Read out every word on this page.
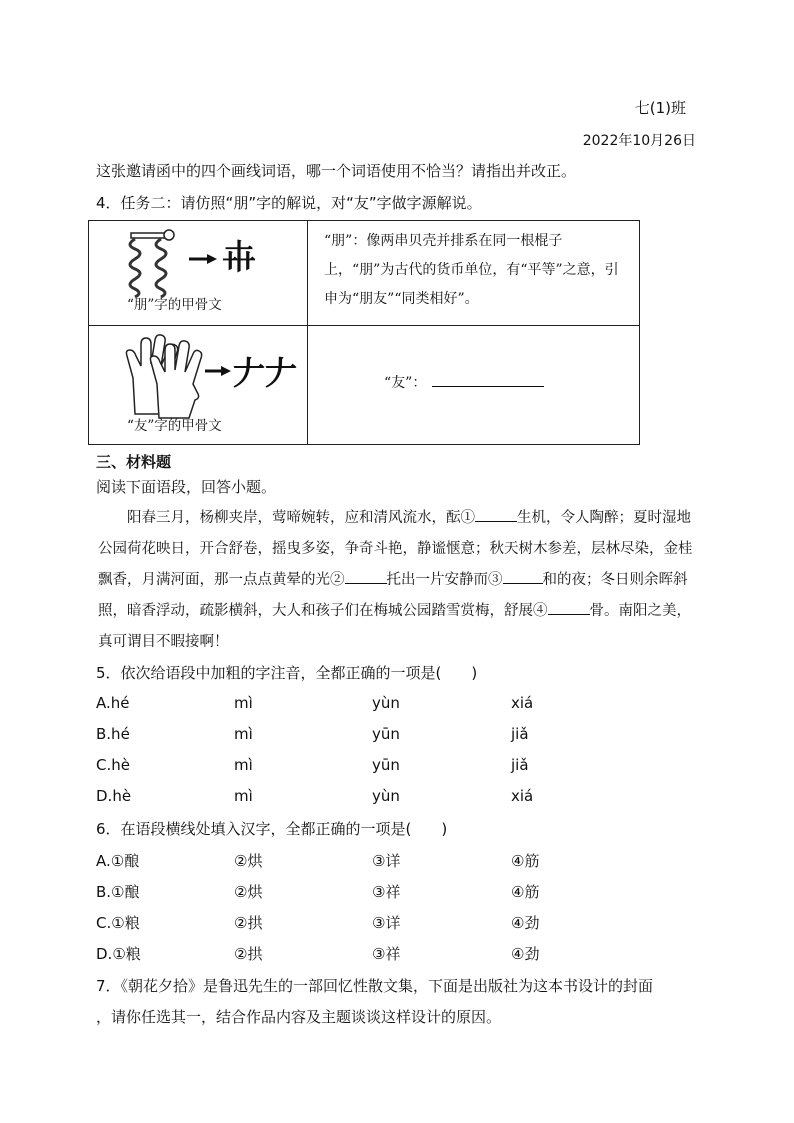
七(1)班
2022年10月26日
这张邀请函中的四个画线词语，哪一个词语使用不恰当？请指出并改正。
4．任务二：请仿照“朋”字的解说，对“友”字做字源解说。
𠦃
“朋”字的甲骨文	“朋”：像两串贝壳并排系在同一根棍子上，“朋”为古代的货币单位，有“平等”之意，引申为“朋友”“同类相好”。

𠂇𠂇
“友”字的甲骨文	“友”：
三、材料题
阅读下面语段，回答小题。
阳春三月，杨柳夹岸，莺啼婉转，应和清风流水，酝①	生机，令人陶醉；夏时湿地公园荷花映日，开合舒卷，摇曳多姿，争奇斗艳，静谧惬意；秋天树木参差，层林尽染，金桂飘香，月满河面，那一点点黄晕的光②	托出一片安静而③	和的夜；冬日则余晖斜照，暗香浮动，疏影横斜，大人和孩子们在梅城公园踏雪赏梅，舒展④	骨。南阳之美，真可谓目不暇接啊！
5．依次给语段中加粗的字注音，全都正确的一项是(　　)
A.hé	mì	yùn	xiá
B.hé	mì	yūn	jiǎ
C.hè	mì	yūn	jiǎ
D.hè	mì	yùn	xiá
6．在语段横线处填入汉字，全都正确的一项是(　　)
A.①酿	②烘	③详	④筋
B.①酿	②烘	③祥	④筋
C.①粮	②拱	③详	④劲
D.①粮	②拱	③祥	④劲
7．《朝花夕拾》是鲁迅先生的一部回忆性散文集，下面是出版社为这本书设计的封面
，请你任选其一，结合作品内容及主题谈谈这样设计的原因。
